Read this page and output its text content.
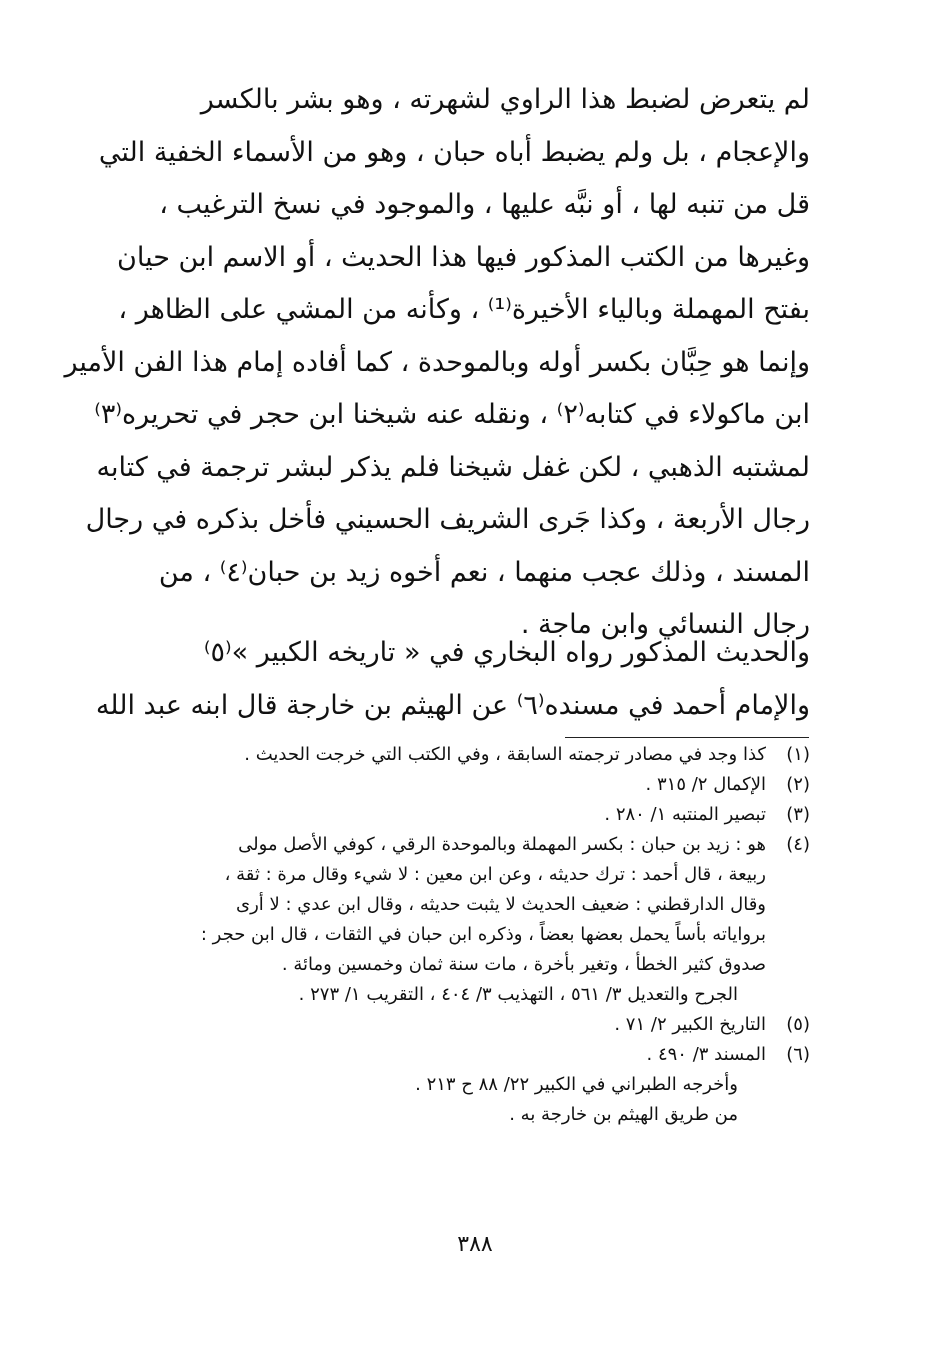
لم يتعرض لضبط هذا الراوي لشهرته ، وهو بشر بالكسر
والإعجام ، بل ولم يضبط أباه حبان ، وهو من الأسماء الخفية التي
قل من تنبه لها ، أو نبَّه عليها ، والموجود في نسخ الترغيب ،
وغيرها من الكتب المذكور فيها هذا الحديث ، أو الاسم ابن حيان
بفتح المهملة وبالياء الأخيرة⁽¹⁾ ، وكأنه من المشي على الظاهر ،
وإنما هو حِبَّان بكسر أوله وبالموحدة ، كما أفاده إمام هذا الفن الأمير
ابن ماكولاء في كتابه⁽٢⁾ ، ونقله عنه شيخنا ابن حجر في تحريره⁽٣⁾
لمشتبه الذهبي ، لكن غفل شيخنا فلم يذكر لبشر ترجمة في كتابه
رجال الأربعة ، وكذا جَرى الشريف الحسيني فأخل بذكره في رجال
المسند ، وذلك عجب منهما ، نعم أخوه زيد بن حبان⁽٤⁾ ، من
رجال النسائي وابن ماجة .
والحديث المذكور رواه البخاري في « تاريخه الكبير »⁽٥⁾
والإمام أحمد في مسنده⁽٦⁾ عن الهيثم بن خارجة قال ابنه عبد الله
(١)
كذا وجد في مصادر ترجمته السابقة ، وفي الكتب التي خرجت الحديث .
(٢)
الإكمال ٢/ ٣١٥ .
(٣)
تبصير المنتبه ١/ ٢٨٠ .
(٤)
هو : زيد بن حبان : بكسر المهملة وبالموحدة الرقي ، كوفي الأصل مولى
ربيعة ، قال أحمد : ترك حديثه ، وعن ابن معين : لا شيء وقال مرة : ثقة ،
وقال الدارقطني : ضعيف الحديث لا يثبت حديثه ، وقال ابن عدي : لا أرى
برواياته بأساً يحمل بعضها بعضاً ، وذكره ابن حبان في الثقات ، قال ابن حجر :
صدوق كثير الخطأ ، وتغير بأخرة ، مات سنة ثمان وخمسين ومائة .
الجرح والتعديل ٣/ ٥٦١ ، التهذيب ٣/ ٤٠٤ ، التقريب ١/ ٢٧٣ .
(٥)
التاريخ الكبير ٢/ ٧١ .
(٦)
المسند ٣/ ٤٩٠ .
وأخرجه الطبراني في الكبير ٢٢/ ٨٨ ح ٢١٣ .
من طريق الهيثم بن خارجة به .
٣٨٨
